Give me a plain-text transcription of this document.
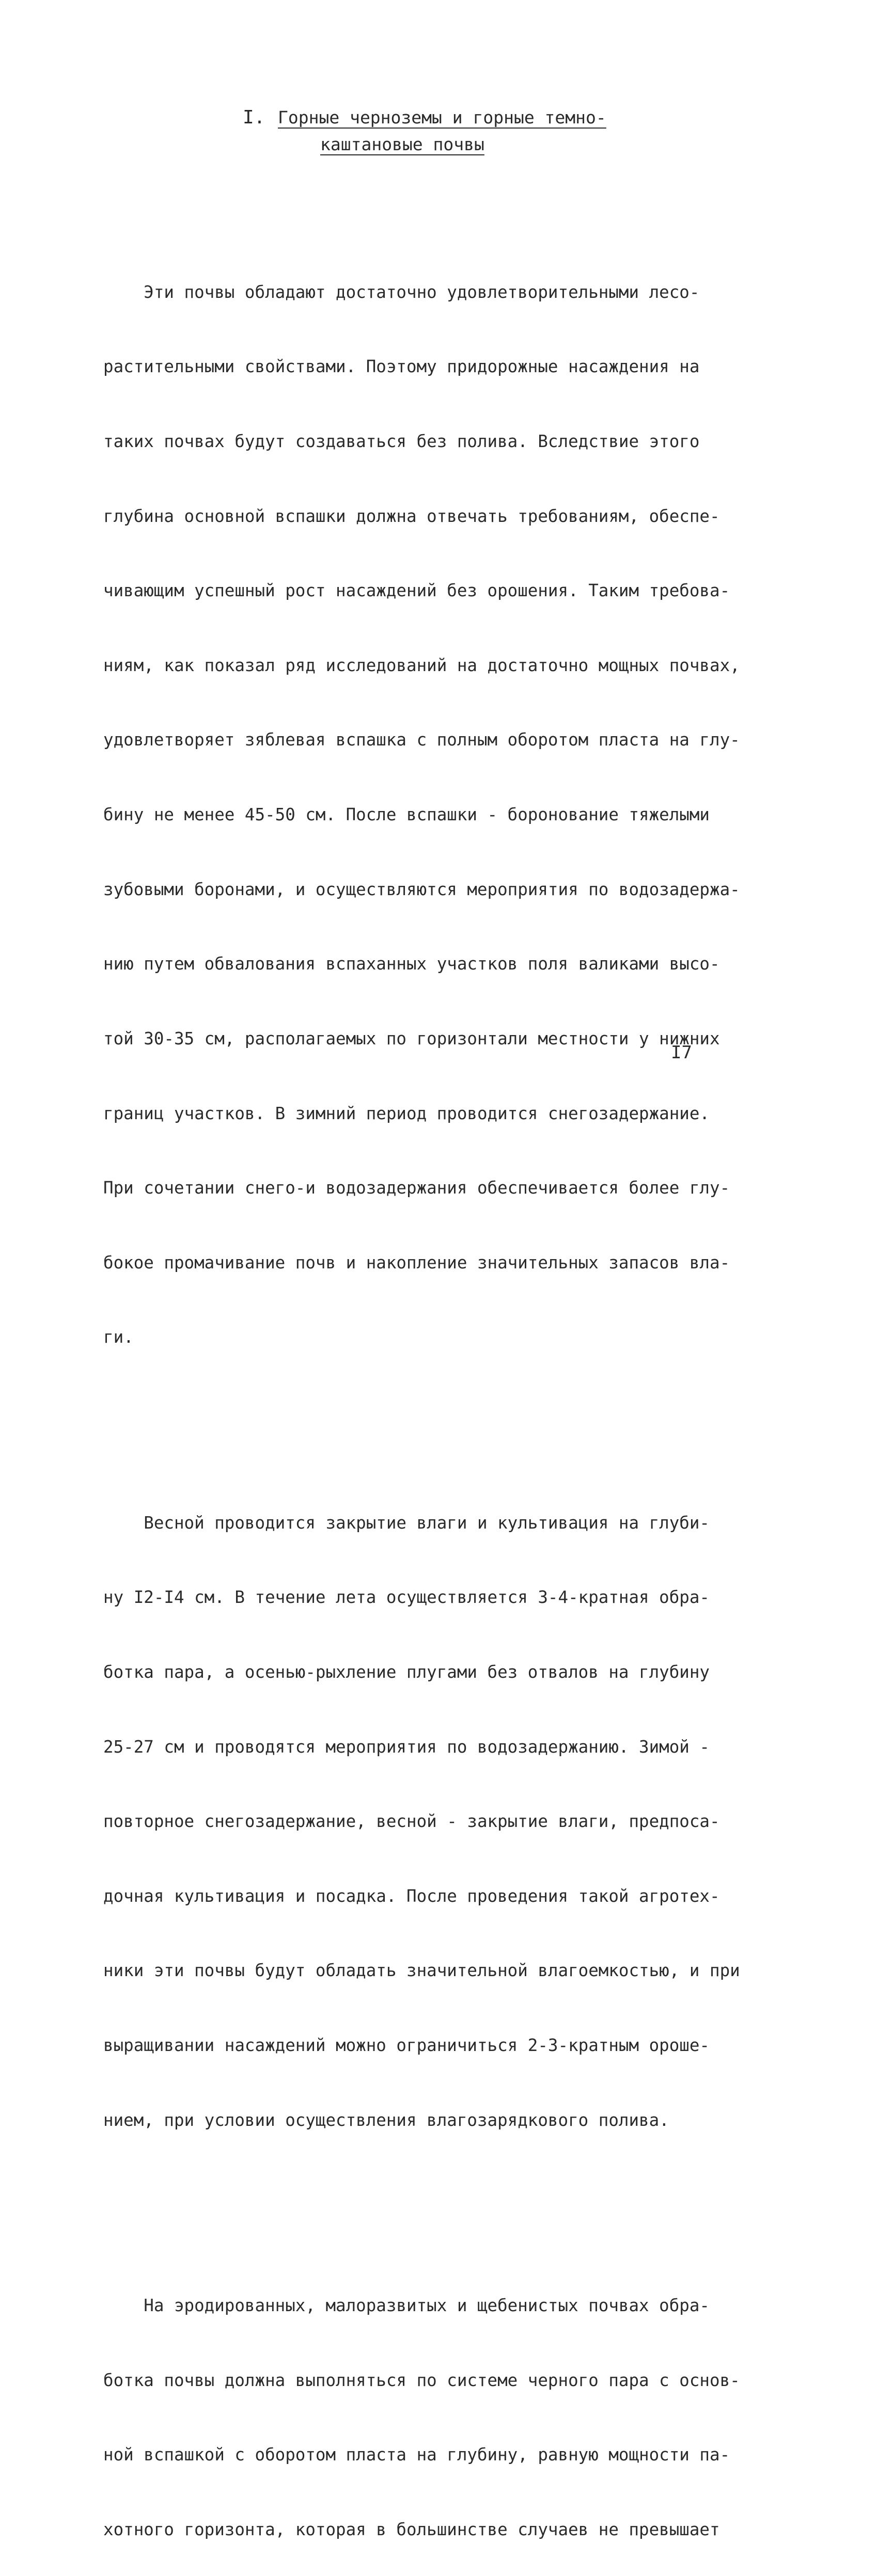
I. Горные черноземы и горные темно-
каштановые почвы

Эти почвы обладают достаточно удовлетворительными лесо-

растительными свойствами. Поэтому придорожные насаждения на

таких почвах будут создаваться без полива. Вследствие этого

глубина основной вспашки должна отвечать требованиям, обеспе-

чивающим успешный рост насаждений без орошения. Таким требова-

ниям, как показал ряд исследований на достаточно мощных почвах,

удовлетворяет зяблевая вспашка с полным оборотом пласта на глу-

бину не менее 45-50 см. После вспашки - боронование тяжелыми

зубовыми боронами, и осуществляются мероприятия по водозадержа-

нию путем обвалования вспаханных участков поля валиками высо-

той 30-35 см, располагаемых по горизонтали местности у нижних

границ участков. В зимний период проводится снегозадержание.

При сочетании снего-и водозадержания обеспечивается более глу-

бокое промачивание почв и накопление значительных запасов вла-

ги.

Весной проводится закрытие влаги и культивация на глуби-

ну I2-I4 см. В течение лета осуществляется 3-4-кратная обра-

ботка пара, а осенью-рыхление плугами без отвалов на глубину

25-27 см и проводятся мероприятия по водозадержанию. Зимой -

повторное снегозадержание, весной - закрытие влаги, предпоса-

дочная культивация и посадка. После проведения такой агротех-

ники эти почвы будут обладать значительной влагоемкостью, и при

выращивании насаждений можно ограничиться 2-3-кратным ороше-

нием, при условии осуществления влагозарядкового полива.

На эродированных, малоразвитых и щебенистых почвах обра-

ботка почвы должна выполняться по системе черного пара с основ-

ной вспашкой с оборотом пласта на глубину, равную мощности па-

хотного горизонта, которая в большинстве случаев не превышает

I7
